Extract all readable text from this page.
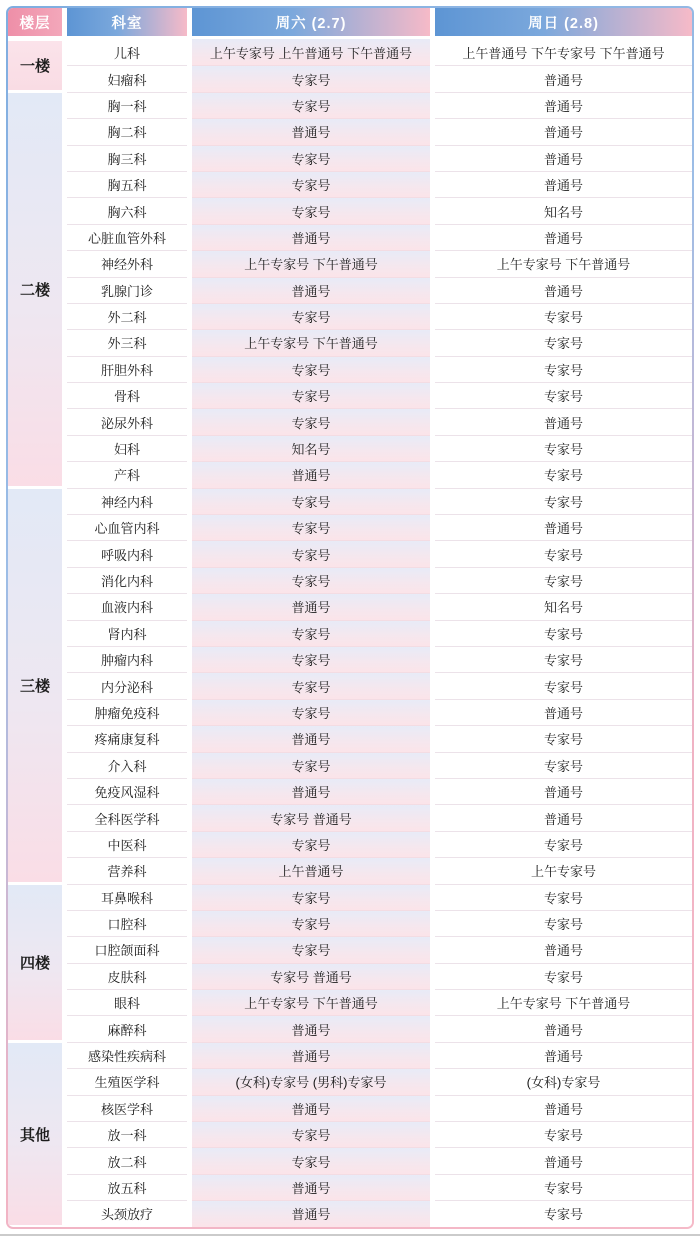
楼层	科室	周六 (2.7)	周日 (2.8)
一楼
儿科	上午专家号 上午普通号 下午普通号	上午普通号 下午专家号 下午普通号
妇瘤科	专家号	普通号
二楼
胸一科	专家号	普通号
胸二科	普通号	普通号
胸三科	专家号	普通号
胸五科	专家号	普通号
胸六科	专家号	知名号
心脏血管外科	普通号	普通号
神经外科	上午专家号 下午普通号	上午专家号 下午普通号
乳腺门诊	普通号	普通号
外二科	专家号	专家号
外三科	上午专家号 下午普通号	专家号
肝胆外科	专家号	专家号
骨科	专家号	专家号
泌尿外科	专家号	普通号
妇科	知名号	专家号
产科	普通号	专家号
三楼
神经内科	专家号	专家号
心血管内科	专家号	普通号
呼吸内科	专家号	专家号
消化内科	专家号	专家号
血液内科	普通号	知名号
肾内科	专家号	专家号
肿瘤内科	专家号	专家号
内分泌科	专家号	专家号
肿瘤免疫科	专家号	普通号
疼痛康复科	普通号	专家号
介入科	专家号	专家号
免疫风湿科	普通号	普通号
全科医学科	专家号 普通号	普通号
中医科	专家号	专家号
营养科	上午普通号	上午专家号
四楼
耳鼻喉科	专家号	专家号
口腔科	专家号	专家号
口腔颌面科	专家号	普通号
皮肤科	专家号 普通号	专家号
眼科	上午专家号 下午普通号	上午专家号 下午普通号
麻醉科	普通号	普通号
其他
感染性疾病科	普通号	普通号
生殖医学科	(女科)专家号 (男科)专家号	(女科)专家号
核医学科	普通号	普通号
放一科	专家号	专家号
放二科	专家号	普通号
放五科	普通号	专家号
头颈放疗	普通号	专家号
